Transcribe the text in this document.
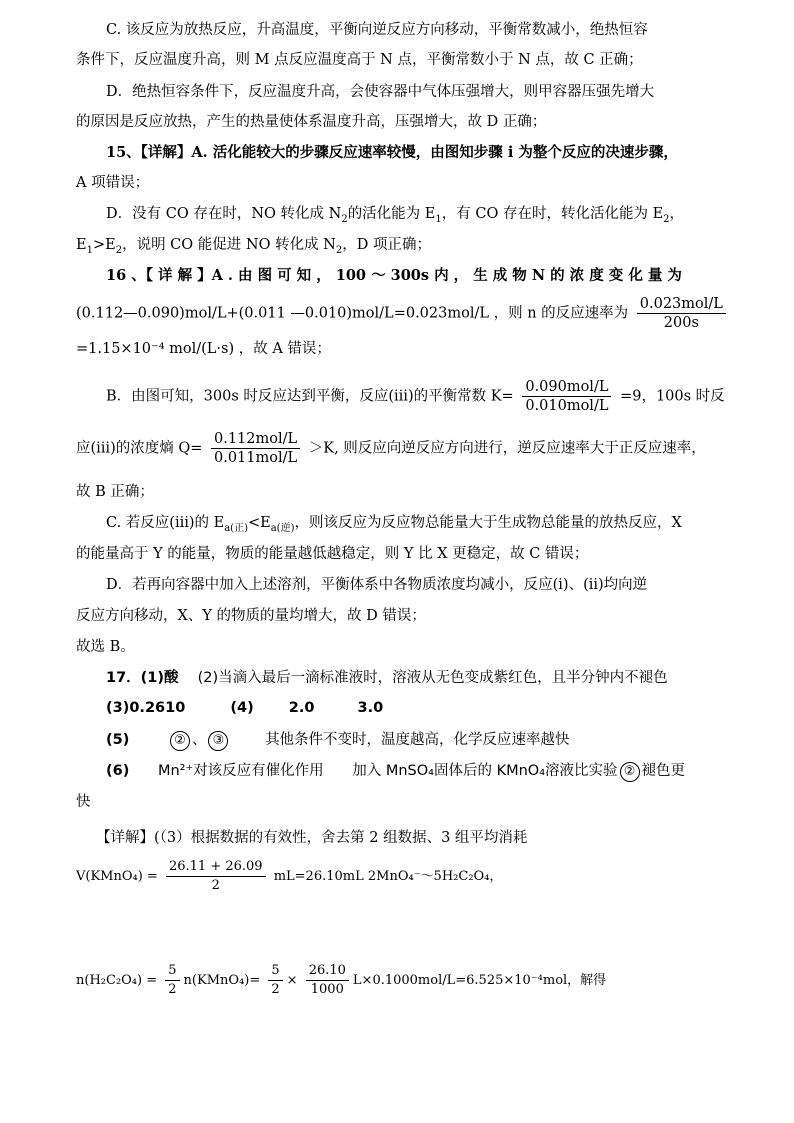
C. 该反应为放热反应，升高温度，平衡向逆反应方向移动，平衡常数减小，绝热恒容
条件下，反应温度升高，则 M 点反应温度高于 N 点，平衡常数小于 N 点，故 C 正确；
D．绝热恒容条件下，反应温度升高，会使容器中气体压强增大，则甲容器压强先增大
的原因是反应放热，产生的热量使体系温度升高，压强增大，故 D 正确；
15、【详解】A. 活化能较大的步骤反应速率较慢，由图知步骤 i 为整个反应的决速步骤，
A 项错误；
D．没有 CO 存在时，NO 转化成 $N_2$的活化能为 $E_1$，有 CO 存在时，转化活化能为 $E_2$，
$E_1>E_2$，说明 CO 能促进 NO 转化成 $N_2$，D 项正确；
16 、【 详 解 】A . 由 图 可 知 ， 100 ～ 300s 内 ， 生 成 物 N 的 浓 度 变 化 量 为
(0.112—0.090)mol/L+(0.011 —0.010)mol/L=0.023mol/L ，则 n 的反应速率为 $\frac{\text{0.023mol/L}}{200s}$
=1.15×10⁻⁴ mol/(L·s) ，故 A 错误；
B．由图可知，300s 时反应达到平衡，反应(ⅲ)的平衡常数 $K= \frac{\text{0.090mol/L}}{\text{0.010mol/L}} =9$，100s 时反
应(ⅲ)的浓度熵 $Q= \frac{\text{0.112mol/L}}{\text{0.011mol/L}} >K$, 则反应向逆反应方向进行，逆反应速率大于正反应速率，
故 B 正确；
C. 若反应(ⅲ)的 $E_{a(正)}<E_{a(逆)}$，则该反应为反应物总能量大于生成物总能量的放热反应，X
的能量高于 Y 的能量，物质的能量越低越稳定，则 Y 比 X 更稳定，故 C 错误；
D．若再向容器中加入上述溶剂，平衡体系中各物质浓度均减小，反应(ⅰ)、(ⅱ)均向逆
反应方向移动，X、Y 的物质的量均增大，故 D 错误；
故选 B。
17．(1)酸 (2)当滴入最后一滴标准液时，溶液从无色变成紫红色，且半分钟内不褪色
(3)0.2610	(4) 2.0	3.0
(5)	② 、 ③	其他条件不变时，温度越高，化学反应速率越快
(6) Mn²⁺对该反应有催化作用 加入 MnSO₄固体后的 KMnO₄溶液比实验 ② 褪色更
快
【详解】(（3）根据数据的有效性，舍去第 2 组数据、3 组平均消耗
V(KMnO₄) = $\frac{26.11 + 26.09}{2} mL=26.10mL$ 2MnO₄⁻～5H₂C₂O₄，
$n(H_2C_2O_4) = \frac{5}{2}$ n(KMnO₄)= $\frac{5}{2} \times \frac{26.10}{1000} L\times 0.1000mol/L=6.525\times 10^{-4}mol$，解得
